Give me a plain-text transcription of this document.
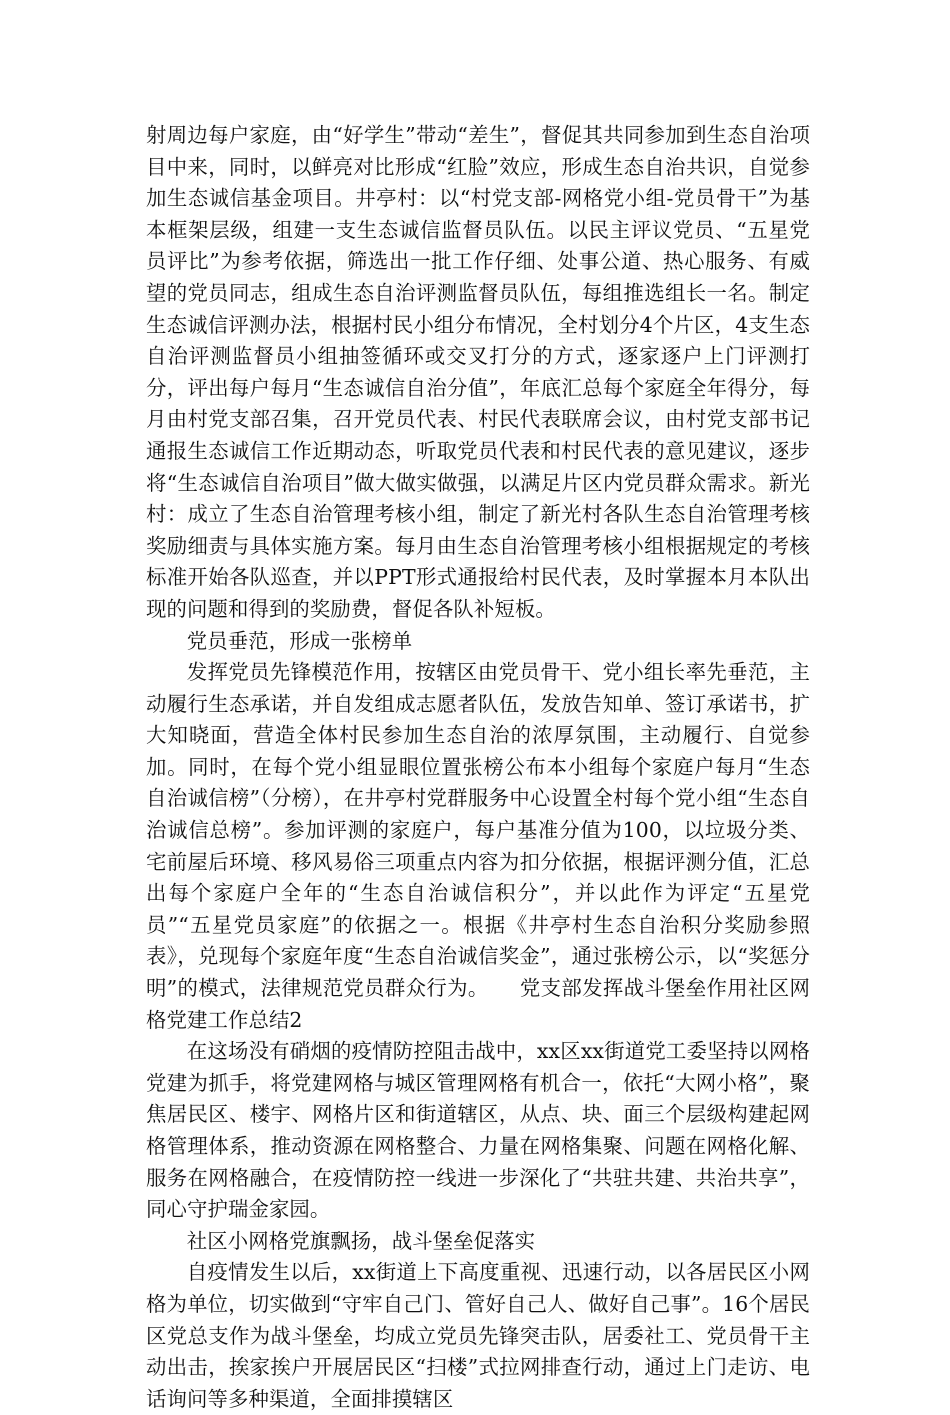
射周边每户家庭，由“好学生”带动“差生”，督促其共同参加到生态自治项目中来，同时，以鲜亮对比形成“红脸”效应，形成生态自治共识，自觉参加生态诚信基金项目。井亭村：以“村党支部-网格党小组-党员骨干”为基本框架层级，组建一支生态诚信监督员队伍。以民主评议党员、“五星党员评比”为参考依据，筛选出一批工作仔细、处事公道、热心服务、有威望的党员同志，组成生态自治评测监督员队伍，每组推选组长一名。制定生态诚信评测办法，根据村民小组分布情况，全村划分4个片区，4支生态自治评测监督员小组抽签循环或交叉打分的方式，逐家逐户上门评测打分，评出每户每月“生态诚信自治分值”，年底汇总每个家庭全年得分，每月由村党支部召集，召开党员代表、村民代表联席会议，由村党支部书记通报生态诚信工作近期动态，听取党员代表和村民代表的意见建议，逐步将“生态诚信自治项目”做大做实做强，以满足片区内党员群众需求。新光村：成立了生态自治管理考核小组，制定了新光村各队生态自治管理考核奖励细责与具体实施方案。每月由生态自治管理考核小组根据规定的考核标准开始各队巡查，并以PPT形式通报给村民代表，及时掌握本月本队出现的问题和得到的奖励费，督促各队补短板。

党员垂范，形成一张榜单

发挥党员先锋模范作用，按辖区由党员骨干、党小组长率先垂范，主动履行生态承诺，并自发组成志愿者队伍，发放告知单、签订承诺书，扩大知晓面，营造全体村民参加生态自治的浓厚氛围，主动履行、自觉参加。同时，在每个党小组显眼位置张榜公布本小组每个家庭户每月“生态自治诚信榜”（分榜），在井亭村党群服务中心设置全村每个党小组“生态自治诚信总榜”。参加评测的家庭户，每户基准分值为100，以垃圾分类、宅前屋后环境、移风易俗三项重点内容为扣分依据，根据评测分值，汇总出每个家庭户全年的“生态自治诚信积分”，并以此作为评定“五星党员”“五星党员家庭”的依据之一。根据《井亭村生态自治积分奖励参照表》，兑现每个家庭年度“生态自治诚信奖金”，通过张榜公示，以“奖惩分明”的模式，法律规范党员群众行为。　　党支部发挥战斗堡垒作用社区网格党建工作总结2

在这场没有硝烟的疫情防控阻击战中，xx区xx街道党工委坚持以网格党建为抓手，将党建网格与城区管理网格有机合一，依托“大网小格”，聚焦居民区、楼宇、网格片区和街道辖区，从点、块、面三个层级构建起网格管理体系，推动资源在网格整合、力量在网格集聚、问题在网格化解、服务在网格融合，在疫情防控一线进一步深化了“共驻共建、共治共享”，同心守护瑞金家园。

社区小网格党旗飘扬，战斗堡垒促落实

自疫情发生以后，xx街道上下高度重视、迅速行动，以各居民区小网格为单位，切实做到“守牢自己门、管好自己人、做好自己事”。16个居民区党总支作为战斗堡垒，均成立党员先锋突击队，居委社工、党员骨干主动出击，挨家挨户开展居民区“扫楼”式拉网排查行动，通过上门走访、电话询问等多种渠道，全面排摸辖区
